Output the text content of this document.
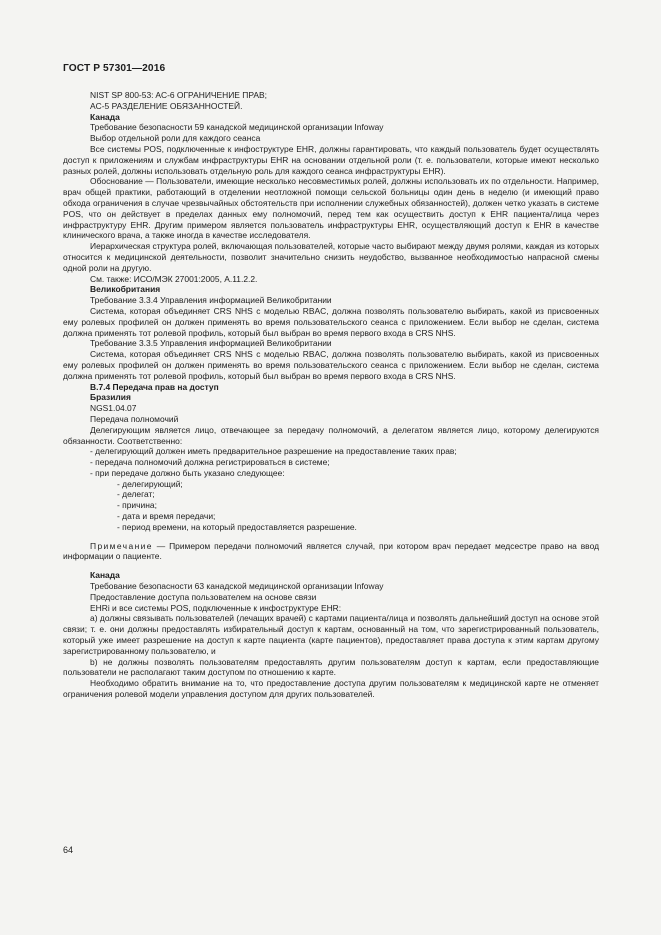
ГОСТ Р 57301—2016

NIST SP 800-53: AC-6 ОГРАНИЧЕНИЕ ПРАВ;

AC-5 РАЗДЕЛЕНИЕ ОБЯЗАННОСТЕЙ.

Канада

Требование безопасности 59 канадской медицинской организации Infoway

Выбор отдельной роли для каждого сеанса

Все системы POS, подключенные к инфоструктуре EHR, должны гарантировать, что каждый пользователь будет осуществлять доступ к приложениям и службам инфраструктуры EHR на основании отдельной роли (т. е. пользователи, которые имеют несколько разных ролей, должны использовать отдельную роль для каждого сеанса инфраструктуры EHR).

Обоснование — Пользователи, имеющие несколько несовместимых ролей, должны использовать их по отдельности. Например, врач общей практики, работающий в отделении неотложной помощи сельской больницы один день в неделю (и имеющий право обхода ограничения в случае чрезвычайных обстоятельств при исполнении служебных обязанностей), должен четко указать в системе POS, что он действует в пределах данных ему полномочий, перед тем как осуществить доступ к EHR пациента/лица через инфраструктуру EHR. Другим примером является пользователь инфраструктуры EHR, осуществляющий доступ к EHR в качестве клинического врача, а также иногда в качестве исследователя.

Иерархическая структура ролей, включающая пользователей, которые часто выбирают между двумя ролями, каждая из которых относится к медицинской деятельности, позволит значительно снизить неудобство, вызванное необходимостью напрасной смены одной роли на другую.

См. также: ИСО/МЭК 27001:2005, А.11.2.2.

Великобритания

Требование 3.3.4 Управления информацией Великобритании

Система, которая объединяет CRS NHS с моделью RBAC, должна позволять пользователю выбирать, какой из присвоенных ему ролевых профилей он должен применять во время пользовательского сеанса с приложением. Если выбор не сделан, система должна применять тот ролевой профиль, который был выбран во время первого входа в CRS NHS.

Требование 3.3.5 Управления информацией Великобритании

Система, которая объединяет CRS NHS с моделью RBAC, должна позволять пользователю выбирать, какой из присвоенных ему ролевых профилей он должен применять во время пользовательского сеанса с приложением. Если выбор не сделан, система должна применять тот ролевой профиль, который был выбран во время первого входа в CRS NHS.

B.7.4 Передача прав на доступ

Бразилия

NGS1.04.07

Передача полномочий

Делегирующим является лицо, отвечающее за передачу полномочий, а делегатом является лицо, которому делегируются обязанности. Соответственно:

- делегирующий должен иметь предварительное разрешение на предоставление таких прав;

- передача полномочий должна регистрироваться в системе;

- при передаче должно быть указано следующее:

- делегирующий;

- делегат;

- причина;

- дата и время передачи;

- период времени, на который предоставляется разрешение.

Примечание — Примером передачи полномочий является случай, при котором врач передает медсестре право на ввод информации о пациенте.

Канада

Требование безопасности 63 канадской медицинской организации Infoway

Предоставление доступа пользователем на основе связи

EHRi и все системы POS, подключенные к инфоструктуре EHR:

a) должны связывать пользователей (лечащих врачей) с картами пациента/лица и позволять дальнейший доступ на основе этой связи; т. е. они должны предоставлять избирательный доступ к картам, основанный на том, что зарегистрированный пользователь, который уже имеет разрешение на доступ к карте пациента (карте пациентов), предоставляет права доступа к этим картам другому зарегистрированному пользователю, и

b) не должны позволять пользователям предоставлять другим пользователям доступ к картам, если предоставляющие пользователи не располагают таким доступом по отношению к карте.

Необходимо обратить внимание на то, что предоставление доступа другим пользователям к медицинской карте не отменяет ограничения ролевой модели управления доступом для других пользователей.

64
